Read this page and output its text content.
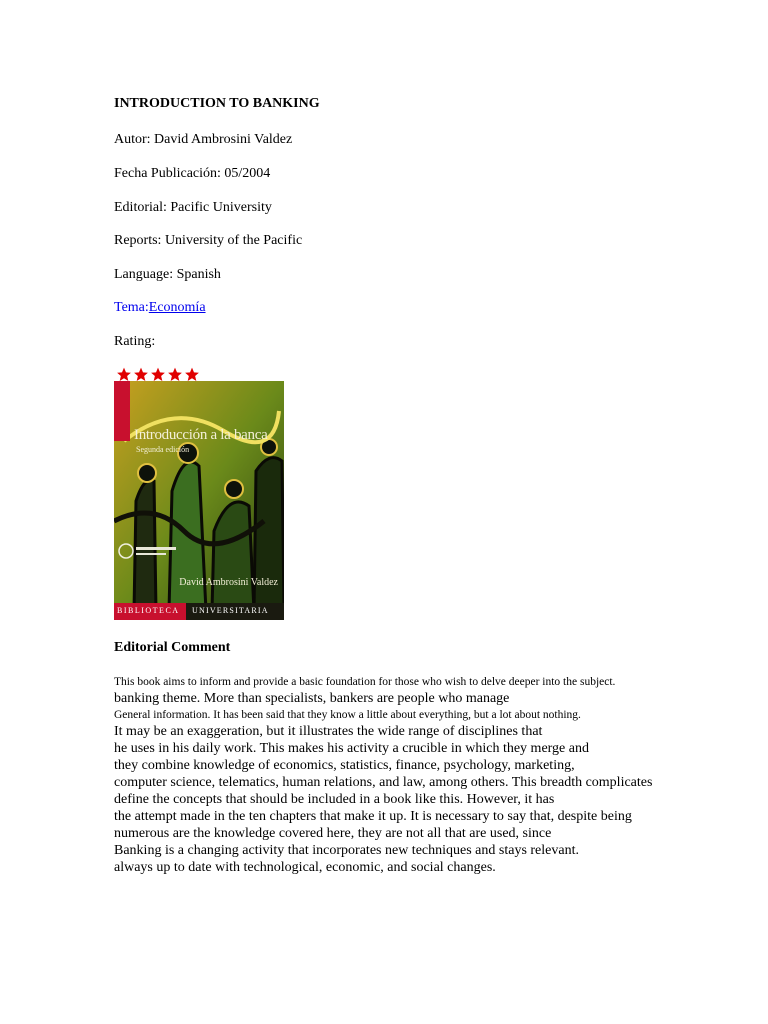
INTRODUCTION TO BANKING
Autor: David Ambrosini Valdez
Fecha Publicación: 05/2004
Editorial: Pacific University
Reports: University of the Pacific
Language: Spanish
Tema:Economía
Rating:
Introducción a la banca
Segunda edición
David Ambrosini Valdez
BIBLIOTECA UNIVERSITARIA
Editorial Comment
This book aims to inform and provide a basic foundation for those who wish to delve deeper into the subject.
banking theme. More than specialists, bankers are people who manage
General information. It has been said that they know a little about everything, but a lot about nothing.
It may be an exaggeration, but it illustrates the wide range of disciplines that
he uses in his daily work. This makes his activity a crucible in which they merge and
they combine knowledge of economics, statistics, finance, psychology, marketing,
computer science, telematics, human relations, and law, among others. This breadth complicates
define the concepts that should be included in a book like this. However, it has
the attempt made in the ten chapters that make it up. It is necessary to say that, despite being
numerous are the knowledge covered here, they are not all that are used, since
Banking is a changing activity that incorporates new techniques and stays relevant.
always up to date with technological, economic, and social changes.
